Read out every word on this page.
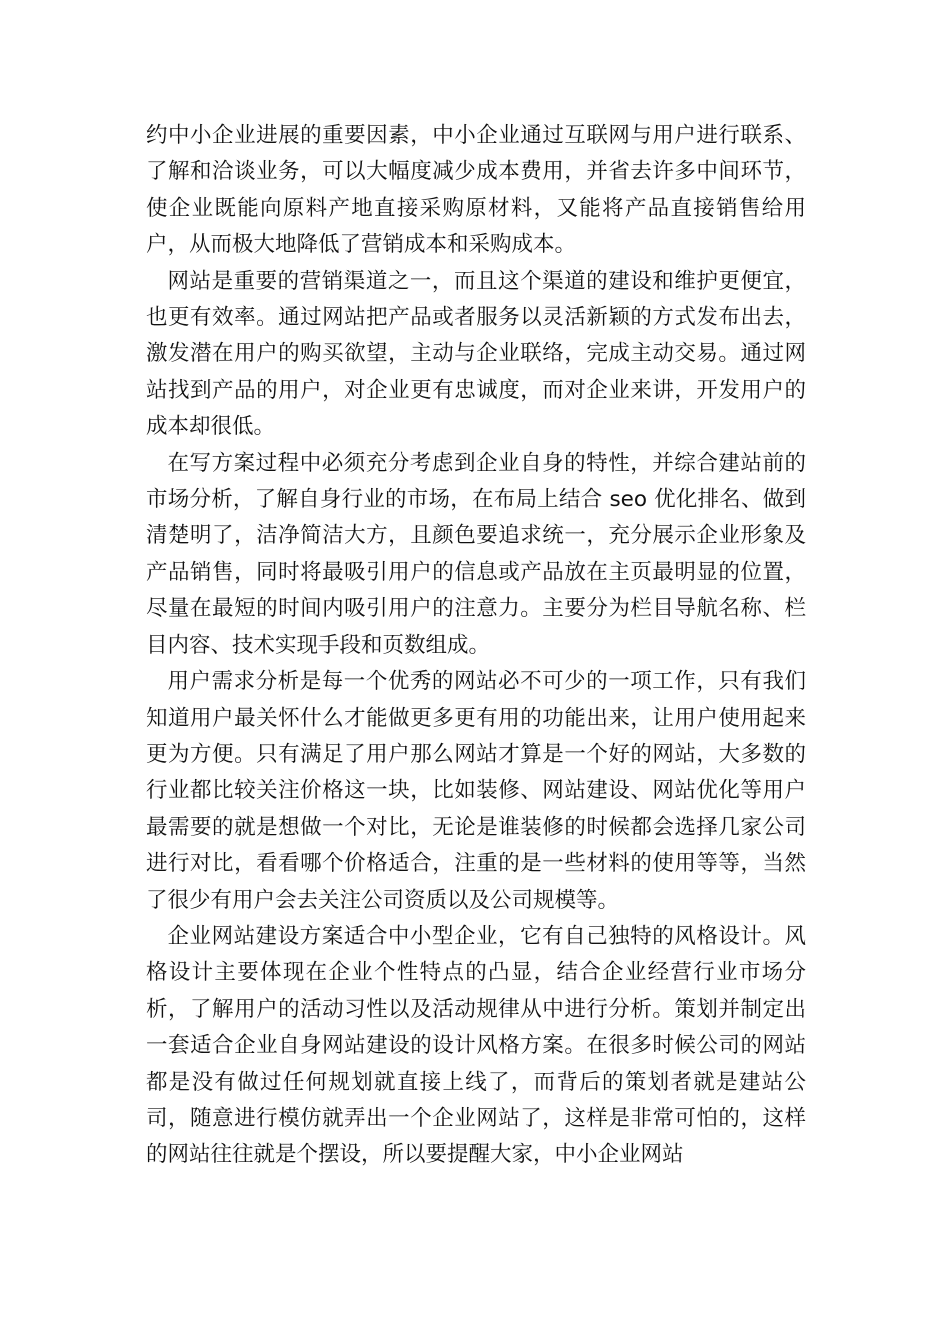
约中小企业进展的重要因素，中小企业通过互联网与用户进行联系、了解和洽谈业务，可以大幅度减少成本费用，并省去许多中间环节，使企业既能向原料产地直接采购原材料，又能将产品直接销售给用户，从而极大地降低了营销成本和采购成本。

网站是重要的营销渠道之一，而且这个渠道的建设和维护更便宜，也更有效率。通过网站把产品或者服务以灵活新颖的方式发布出去，激发潜在用户的购买欲望，主动与企业联络，完成主动交易。通过网站找到产品的用户，对企业更有忠诚度，而对企业来讲，开发用户的成本却很低。

在写方案过程中必须充分考虑到企业自身的特性，并综合建站前的市场分析，了解自身行业的市场，在布局上结合 seo 优化排名、做到清楚明了，洁净简洁大方，且颜色要追求统一，充分展示企业形象及产品销售，同时将最吸引用户的信息或产品放在主页最明显的位置，尽量在最短的时间内吸引用户的注意力。主要分为栏目导航名称、栏目内容、技术实现手段和页数组成。

用户需求分析是每一个优秀的网站必不可少的一项工作，只有我们知道用户最关怀什么才能做更多更有用的功能出来，让用户使用起来更为方便。只有满足了用户那么网站才算是一个好的网站，大多数的行业都比较关注价格这一块，比如装修、网站建设、网站优化等用户最需要的就是想做一个对比，无论是谁装修的时候都会选择几家公司进行对比，看看哪个价格适合，注重的是一些材料的使用等等，当然了很少有用户会去关注公司资质以及公司规模等。

企业网站建设方案适合中小型企业，它有自己独特的风格设计。风格设计主要体现在企业个性特点的凸显，结合企业经营行业市场分析，了解用户的活动习性以及活动规律从中进行分析。策划并制定出一套适合企业自身网站建设的设计风格方案。在很多时候公司的网站都是没有做过任何规划就直接上线了，而背后的策划者就是建站公司，随意进行模仿就弄出一个企业网站了，这样是非常可怕的，这样的网站往往就是个摆设，所以要提醒大家，中小企业网站
